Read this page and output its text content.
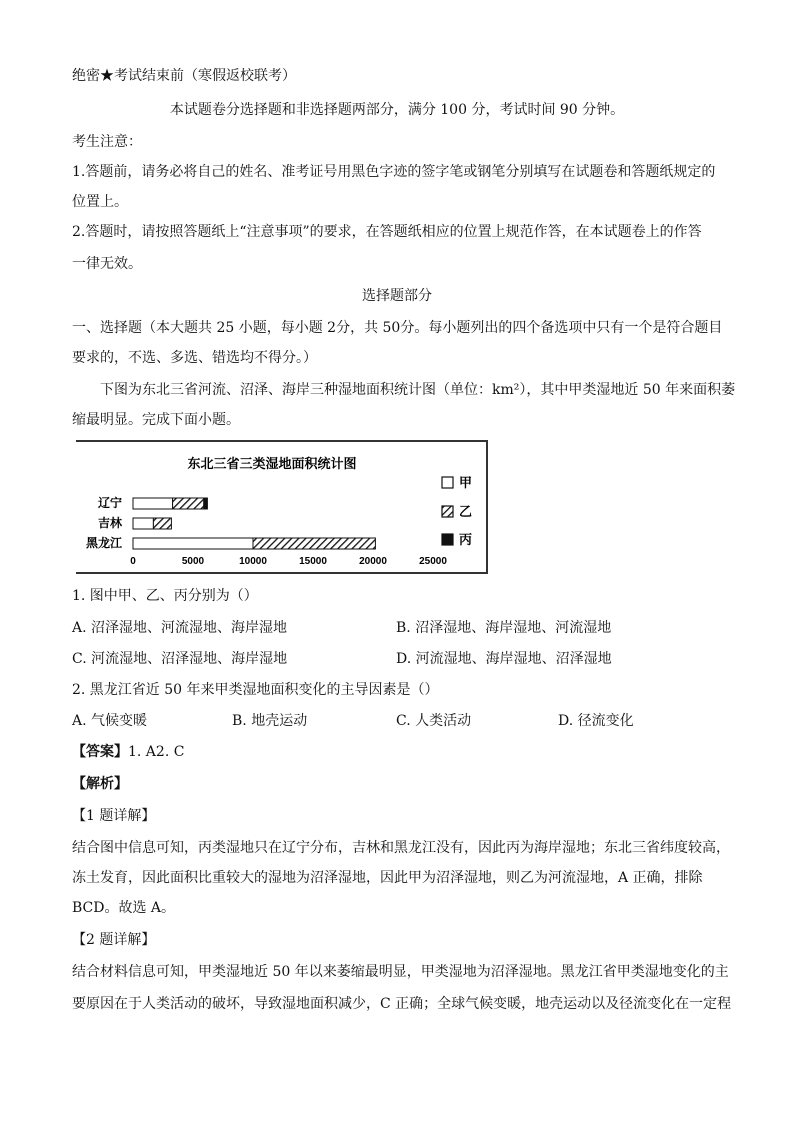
绝密★考试结束前（寒假返校联考）
本试题卷分选择题和非选择题两部分，满分 100 分，考试时间 90 分钟。
考生注意：
1.答题前，请务必将自己的姓名、准考证号用黑色字迹的签字笔或钢笔分别填写在试题卷和答题纸规定的
位置上。
2.答题时，请按照答题纸上“注意事项”的要求，在答题纸相应的位置上规范作答，在本试题卷上的作答
一律无效。
选择题部分
一、选择题（本大题共 25 小题，每小题 2分，共 50分。每小题列出的四个备选项中只有一个是符合题目
要求的，不选、多选、错选均不得分。）
下图为东北三省河流、沼泽、海岸三种湿地面积统计图（单位：km²），其中甲类湿地近 50 年来面积萎
缩最明显。完成下面小题。
东北三省三类湿地面积统计图
辽宁
吉林
黑龙江
0	5000	10000	15000	20000	25000
甲
乙
丙
1. 图中甲、乙、丙分别为（）
A. 沼泽湿地、河流湿地、海岸湿地	B. 沼泽湿地、海岸湿地、河流湿地
C. 河流湿地、沼泽湿地、海岸湿地	D. 河流湿地、海岸湿地、沼泽湿地
2. 黑龙江省近 50 年来甲类湿地面积变化的主导因素是（）
A. 气候变暖	B. 地壳运动	C. 人类活动	D. 径流变化
【答案】1. A2. C
【解析】
【1 题详解】
结合图中信息可知，丙类湿地只在辽宁分布，吉林和黑龙江没有，因此丙为海岸湿地；东北三省纬度较高，
冻土发育，因此面积比重较大的湿地为沼泽湿地，因此甲为沼泽湿地，则乙为河流湿地，A 正确，排除
BCD。故选 A。
【2 题详解】
结合材料信息可知，甲类湿地近 50 年以来萎缩最明显，甲类湿地为沼泽湿地。黑龙江省甲类湿地变化的主
要原因在于人类活动的破坏，导致湿地面积减少，C 正确；全球气候变暖，地壳运动以及径流变化在一定程
